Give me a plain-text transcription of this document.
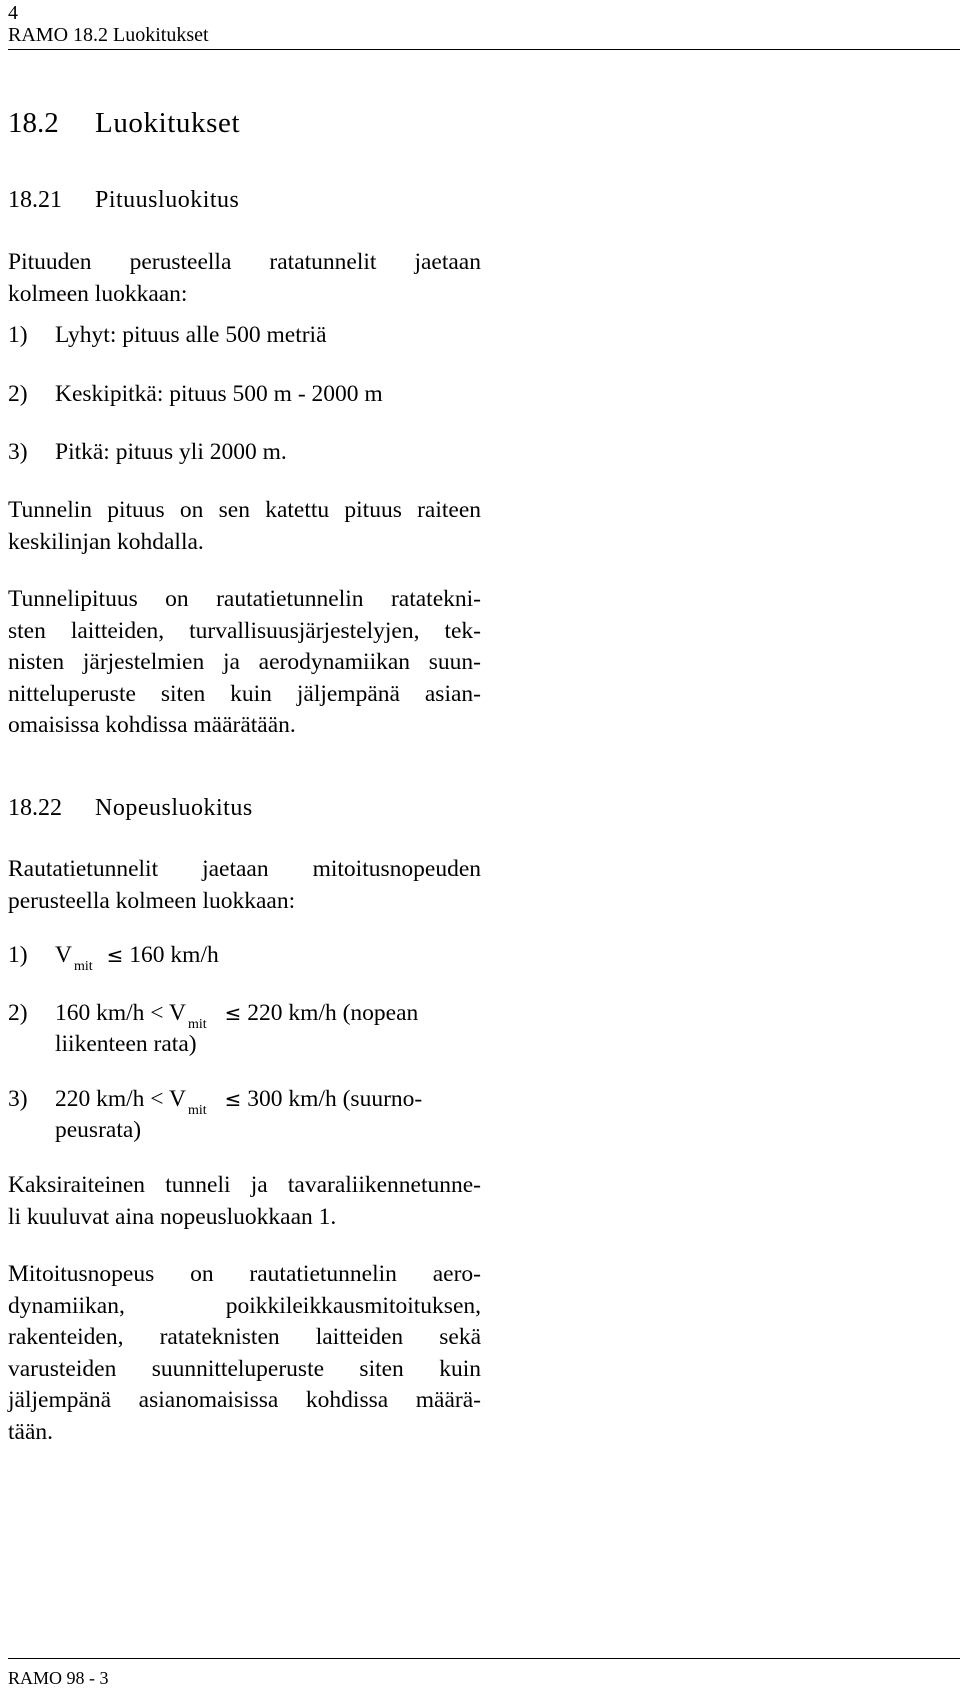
4
RAMO 18.2 Luokitukset
18.2 Luokitukset
18.21 Pituusluokitus
Pituuden perusteella ratatunnelit jaetaan
kolmeen luokkaan:
1) Lyhyt: pituus alle 500 metriä
2) Keskipitkä: pituus 500 m - 2000 m
3) Pitkä: pituus yli 2000 m.
Tunnelin pituus on sen katettu pituus raiteen
keskilinjan kohdalla.
Tunnelipituus on rautatietunnelin ratatekni-
sten laitteiden, turvallisuusjärjestelyjen, tek-
nisten järjestelmien ja aerodynamiikan suun-
nitteluperuste siten kuin jäljempänä asian-
omaisissa kohdissa määrätään.
18.22 Nopeusluokitus
Rautatietunnelit jaetaan mitoitusnopeuden
perusteella kolmeen luokkaan:
1) V $_{mit}$ ≤ 160 km/h
2) 160 km/h < V $_{mit}$ ≤ 220 km/h (nopean
liikenteen rata)
3) 220 km/h < V $_{mit}$ ≤ 300 km/h (suurno-
peusrata)
Kaksiraiteinen tunneli ja tavaraliikennetunne-
li kuuluvat aina nopeusluokkaan 1.
Mitoitusnopeus on rautatietunnelin aero-
dynamiikan, poikkileikkausmitoituksen,
rakenteiden, ratateknisten laitteiden sekä
varusteiden suunnitteluperuste siten kuin
jäljempänä asianomaisissa kohdissa määrä-
tään.
RAMO 98 - 3
